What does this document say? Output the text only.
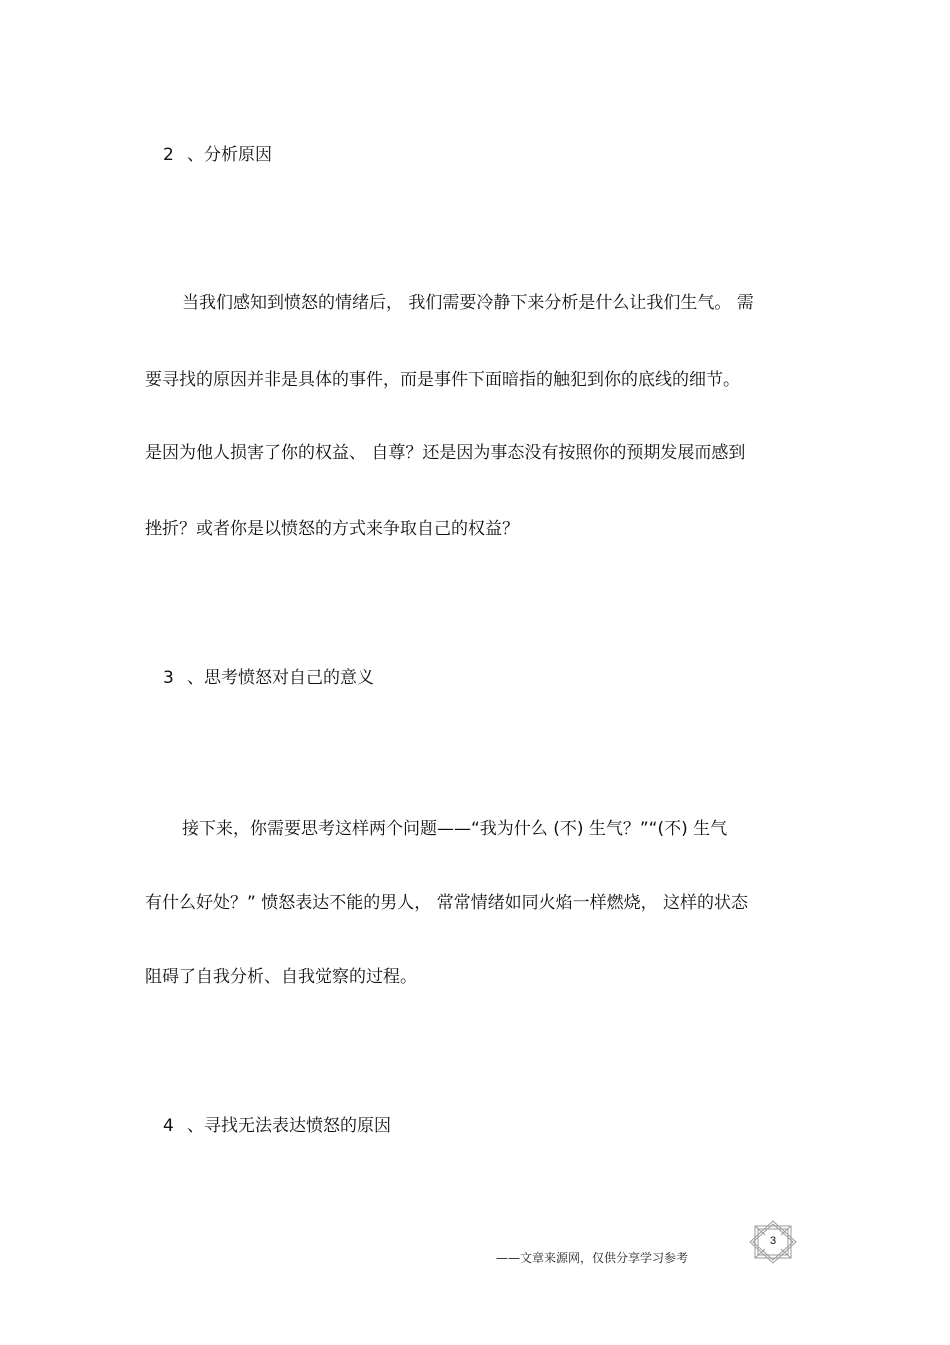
2 、分析原因
当我们感知到愤怒的情绪后， 我们需要冷静下来分析是什么让我们生气。 需
要寻找的原因并非是具体的事件，而是事件下面暗指的触犯到你的底线的细节。
是因为他人损害了你的权益、 自尊？还是因为事态没有按照你的预期发展而感到
挫折？或者你是以愤怒的方式来争取自己的权益？
3 、思考愤怒对自己的意义
接下来，你需要思考这样两个问题——“我为什么 (不) 生气？”“(不) 生气
有什么好处？” 愤怒表达不能的男人， 常常情绪如同火焰一样燃烧， 这样的状态
阻碍了自我分析、自我觉察的过程。
4 、寻找无法表达愤怒的原因
——文章来源网，仅供分享学习参考
3
